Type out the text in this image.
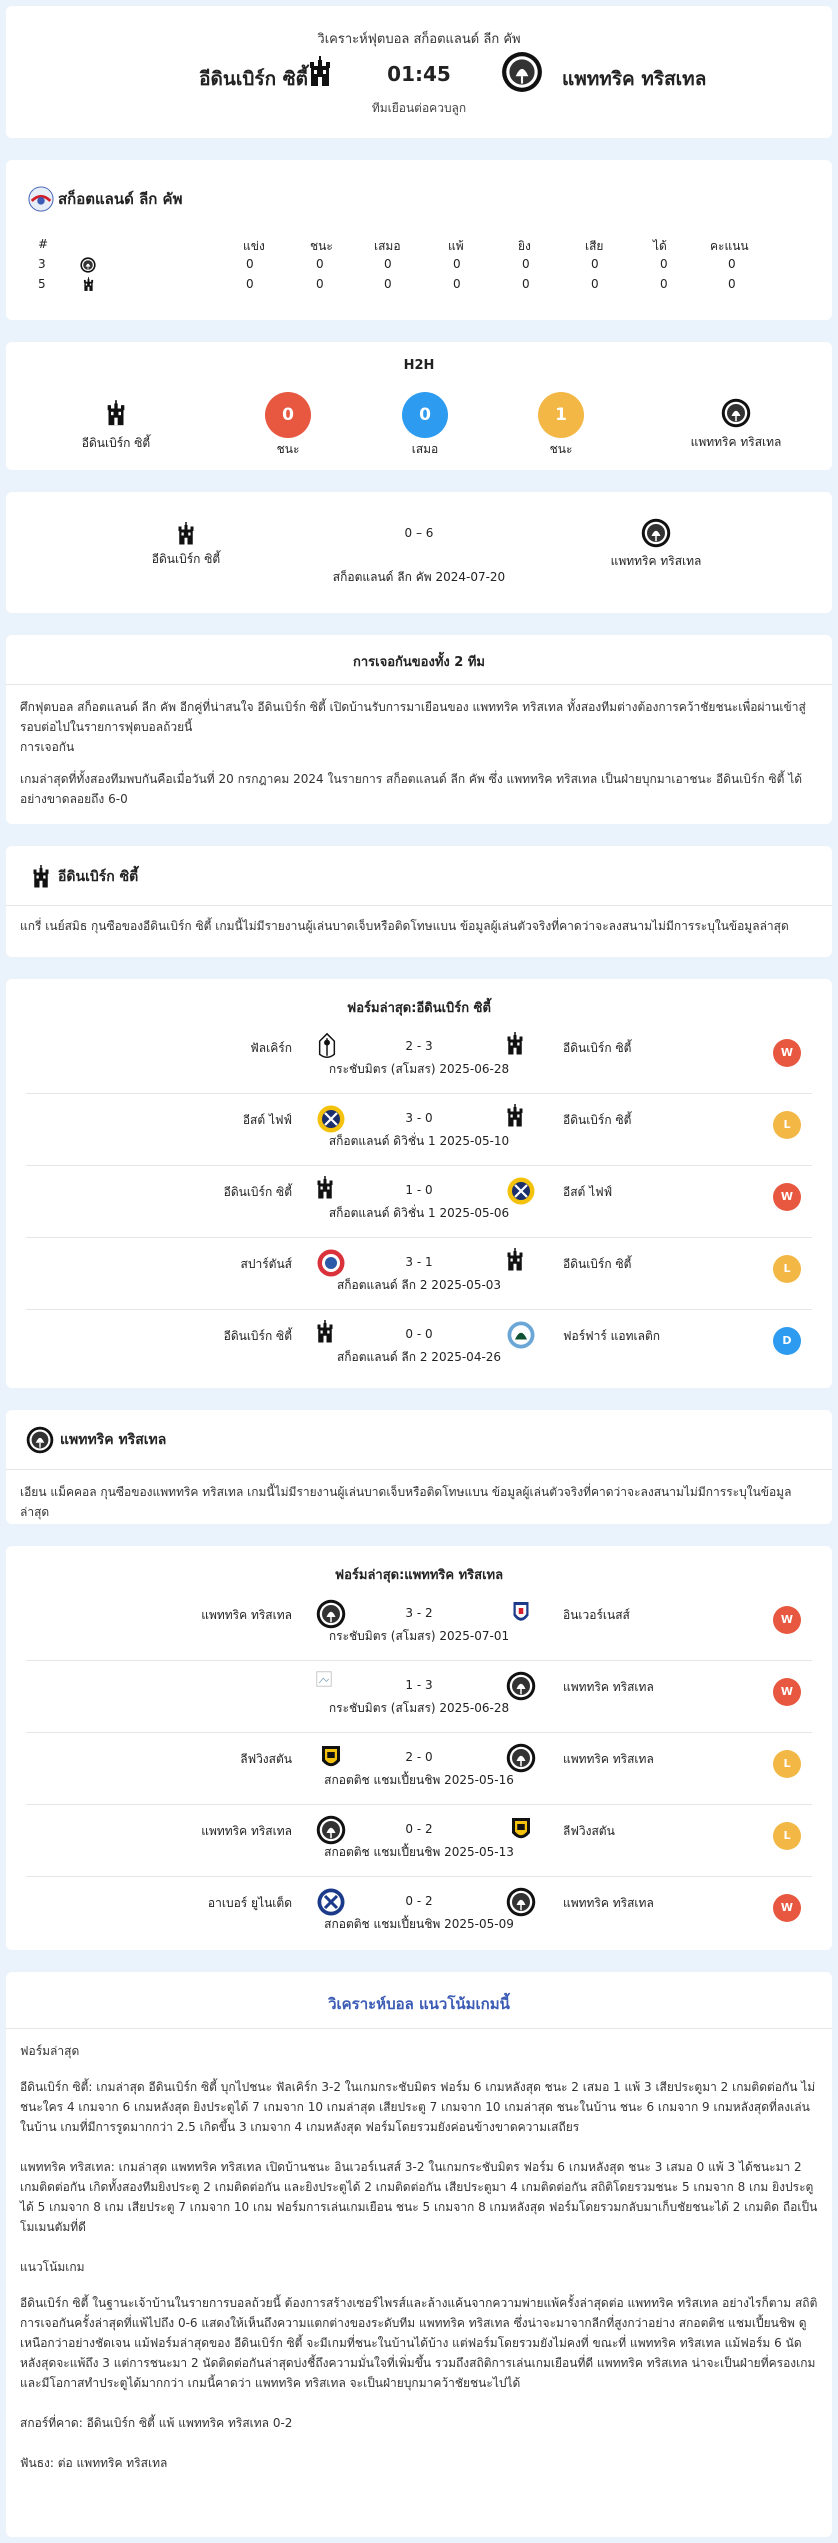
วิเคราะห์ฟุตบอล สก็อตแลนด์ ลีก คัพ
อีดินเบิร์ก ซิตี้	01:45	แพททริค ทริสเทล
ทีมเยือนต่อควบลูก
สก็อตแลนด์ ลีก คัพ
#	แข่ง	ชนะ	เสมอ	แพ้	ยิง	เสีย	ได้	คะแนน
3	0	0	0	0	0	0	0	0
5	0	0	0	0	0	0	0	0
H2H
อีดินเบิร์ก ซิตี้
0
ชนะ
0
เสมอ
1
ชนะ	แพททริค ทริสเทล
อีดินเบิร์ก ซิตี้
0 – 6
สก็อตแลนด์ ลีก คัพ 2024-07-20
แพททริค ทริสเทล
การเจอกันของทั้ง 2 ทีม
ศึกฟุตบอล สก็อตแลนด์ ลีก คัพ อีกคู่ที่น่าสนใจ อีดินเบิร์ก ซิตี้ เปิดบ้านรับการมาเยือนของ แพททริค ทริสเทล ทั้งสองทีมต่างต้องการคว้าชัยชนะเพื่อผ่านเข้าสู่รอบต่อไปในรายการฟุตบอลถ้วยนี้
การเจอกัน
เกมล่าสุดที่ทั้งสองทีมพบกันคือเมื่อวันที่ 20 กรกฎาคม 2024 ในรายการ สก็อตแลนด์ ลีก คัพ ซึ่ง แพททริค ทริสเทล เป็นฝ่ายบุกมาเอาชนะ อีดินเบิร์ก ซิตี้ ได้อย่างขาดลอยถึง 6-0
อีดินเบิร์ก ซิตี้
แกรี่ เนย์สมิธ กุนซือของอีดินเบิร์ก ซิตี้ เกมนี้ไม่มีรายงานผู้เล่นบาดเจ็บหรือติดโทษแบน ข้อมูลผู้เล่นตัวจริงที่คาดว่าจะลงสนามไม่มีการระบุในข้อมูลล่าสุด
ฟอร์มล่าสุด:อีดินเบิร์ก ซิตี้
ฟัลเคิร์ก	2 - 3
กระชับมิตร (สโมสร) 2025-06-28
อีดินเบิร์ก ซิตี้	W
อีสต์ ไฟฟ์	3 - 0
สก็อตแลนด์ ดิวิชั่น 1 2025-05-10
อีดินเบิร์ก ซิตี้	L
อีดินเบิร์ก ซิตี้	1 - 0
สก็อตแลนด์ ดิวิชั่น 1 2025-05-06
อีสต์ ไฟฟ์	W
สปาร์ตันส์	3 - 1
สก็อตแลนด์ ลีก 2 2025-05-03
อีดินเบิร์ก ซิตี้	L
อีดินเบิร์ก ซิตี้	0 - 0
สก็อตแลนด์ ลีก 2 2025-04-26
ฟอร์ฟาร์ แอทเลติก	D
แพททริค ทริสเทล
เอียน แม็คคอล กุนซือของแพททริค ทริสเทล เกมนี้ไม่มีรายงานผู้เล่นบาดเจ็บหรือติดโทษแบน ข้อมูลผู้เล่นตัวจริงที่คาดว่าจะลงสนามไม่มีการระบุในข้อมูลล่าสุด
ฟอร์มล่าสุด:แพททริค ทริสเทล
แพททริค ทริสเทล	3 - 2
กระชับมิตร (สโมสร) 2025-07-01
อินเวอร์เนสส์	W
1 - 3
กระชับมิตร (สโมสร) 2025-06-28
แพททริค ทริสเทล	W
ลีฟวิงสตัน	2 - 0
สกอตติช แชมเปี้ยนชิพ 2025-05-16
แพททริค ทริสเทล	L
แพททริค ทริสเทล	0 - 2
สกอตติช แชมเปี้ยนชิพ 2025-05-13
ลีฟวิงสตัน	L
อาเบอร์ ยูไนเต็ด	0 - 2
สกอตติช แชมเปี้ยนชิพ 2025-05-09
แพททริค ทริสเทล	W
วิเคราะห์บอล แนวโน้มเกมนี้
ฟอร์มล่าสุด
อีดินเบิร์ก ซิตี้: เกมล่าสุด อีดินเบิร์ก ซิตี้ บุกไปชนะ ฟัลเคิร์ก 3-2 ในเกมกระชับมิตร ฟอร์ม 6 เกมหลังสุด ชนะ 2 เสมอ 1 แพ้ 3 เสียประตูมา 2 เกมติดต่อกัน ไม่ชนะใคร 4 เกมจาก 6 เกมหลังสุด ยิงประตูได้ 7 เกมจาก 10 เกมล่าสุด เสียประตู 7 เกมจาก 10 เกมล่าสุด ชนะในบ้าน ชนะ 6 เกมจาก 9 เกมหลังสุดที่ลงเล่นในบ้าน เกมที่มีการรูดมากกว่า 2.5 เกิดขึ้น 3 เกมจาก 4 เกมหลังสุด ฟอร์มโดยรวมยังค่อนข้างขาดความเสถียร
แพททริค ทริสเทล: เกมล่าสุด แพททริค ทริสเทล เปิดบ้านชนะ อินเวอร์เนสส์ 3-2 ในเกมกระชับมิตร ฟอร์ม 6 เกมหลังสุด ชนะ 3 เสมอ 0 แพ้ 3 ได้ชนะมา 2 เกมติดต่อกัน เกิดทั้งสองทีมยิงประตู 2 เกมติดต่อกัน และยิงประตูได้ 2 เกมติดต่อกัน เสียประตูมา 4 เกมติดต่อกัน สถิติโดยรวมชนะ 5 เกมจาก 8 เกม ยิงประตูได้ 5 เกมจาก 8 เกม เสียประตู 7 เกมจาก 10 เกม ฟอร์มการเล่นเกมเยือน ชนะ 5 เกมจาก 8 เกมหลังสุด ฟอร์มโดยรวมกลับมาเก็บชัยชนะได้ 2 เกมติด ถือเป็นโมเมนตัมที่ดี
แนวโน้มเกม
อีดินเบิร์ก ซิตี้ ในฐานะเจ้าบ้านในรายการบอลถ้วยนี้ ต้องการสร้างเซอร์ไพรส์และล้างแค้นจากความพ่ายแพ้ครั้งล่าสุดต่อ แพททริค ทริสเทล อย่างไรก็ตาม สถิติการเจอกันครั้งล่าสุดที่แพ้ไปถึง 0-6 แสดงให้เห็นถึงความแตกต่างของระดับทีม แพททริค ทริสเทล ซึ่งน่าจะมาจากลีกที่สูงกว่าอย่าง สกอตติช แชมเปี้ยนชิพ ดูเหนือกว่าอย่างชัดเจน แม้ฟอร์มล่าสุดของ อีดินเบิร์ก ซิตี้ จะมีเกมที่ชนะในบ้านได้บ้าง แต่ฟอร์มโดยรวมยังไม่คงที่ ขณะที่ แพททริค ทริสเทล แม้ฟอร์ม 6 นัดหลังสุดจะแพ้ถึง 3 แต่การชนะมา 2 นัดติดต่อกันล่าสุดบ่งชี้ถึงความมั่นใจที่เพิ่มขึ้น รวมถึงสถิติการเล่นเกมเยือนที่ดี แพททริค ทริสเทล น่าจะเป็นฝ่ายที่ครองเกมและมีโอกาสทำประตูได้มากกว่า เกมนี้คาดว่า แพททริค ทริสเทล จะเป็นฝ่ายบุกมาคว้าชัยชนะไปได้
สกอร์ที่คาด: อีดินเบิร์ก ซิตี้ แพ้ แพททริค ทริสเทล 0-2
ฟันธง: ต่อ แพททริค ทริสเทล
